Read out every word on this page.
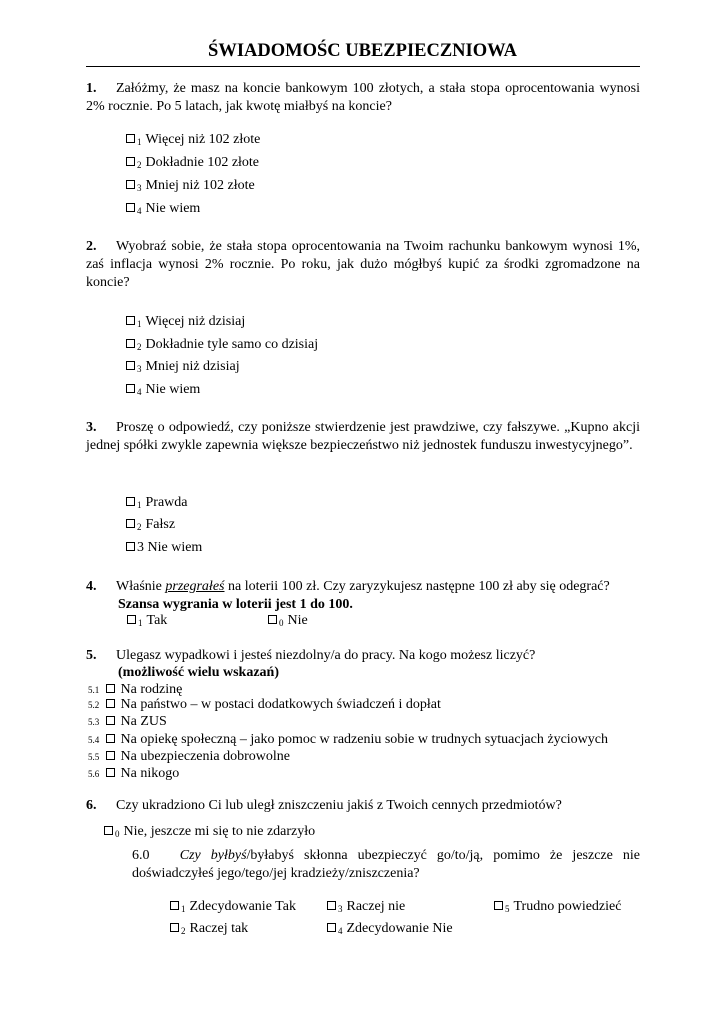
ŚWIADOMOŚC UBEZPIECZNIOWA
1. Załóżmy, że masz na koncie bankowym 100 złotych, a stała stopa oprocentowania wynosi 2% rocznie. Po 5 latach, jak kwotę miałbyś na koncie?
$_1$ Więcej niż 102 złote
$_2$ Dokładnie 102 złote
$_3$ Mniej niż 102 złote
$_4$ Nie wiem
2. Wyobraź sobie, że stała stopa oprocentowania na Twoim rachunku bankowym wynosi 1%, zaś inflacja wynosi 2% rocznie. Po roku, jak dużo mógłbyś kupić za środki zgromadzone na koncie?
$_1$ Więcej niż dzisiaj
$_2$ Dokładnie tyle samo co dzisiaj
$_3$ Mniej niż dzisiaj
$_4$ Nie wiem
3. Proszę o odpowiedź, czy poniższe stwierdzenie jest prawdziwe, czy fałszywe. „Kupno akcji jednej spółki zwykle zapewnia większe bezpieczeństwo niż jednostek funduszu inwestycyjnego”.
$_1$ Prawda
$_2$ Fałsz
3 Nie wiem
4. Właśnie przegrałeś na loterii 100 zł. Czy zaryzykujesz następne 100 zł aby się odegrać?
Szansa wygrania w loterii jest 1 do 100.
$_1$ Tak	$_0$ Nie
5. Ulegasz wypadkowi i jesteś niezdolny/a do pracy. Na kogo możesz liczyć?
(możliwość wielu wskazań)
5.1 Na rodzinę
5.2 Na państwo – w postaci dodatkowych świadczeń i dopłat
5.3 Na ZUS
5.4 Na opiekę społeczną – jako pomoc w radzeniu sobie w trudnych sytuacjach życiowych
5.5 Na ubezpieczenia dobrowolne
5.6 Na nikogo
6. Czy ukradziono Ci lub uległ zniszczeniu jakiś z Twoich cennych przedmiotów?
$_0$ Nie, jeszcze mi się to nie zdarzyło
6.0 Czy byłbyś/byłabyś skłonna ubezpieczyć go/to/ją, pomimo że jeszcze nie doświadczyłeś jego/tego/jej kradzieży/zniszczenia?
$_1$ Zdecydowanie Tak
$_2$ Raczej tak
$_3$ Raczej nie
$_4$ Zdecydowanie Nie
$_5$ Trudno powiedzieć
